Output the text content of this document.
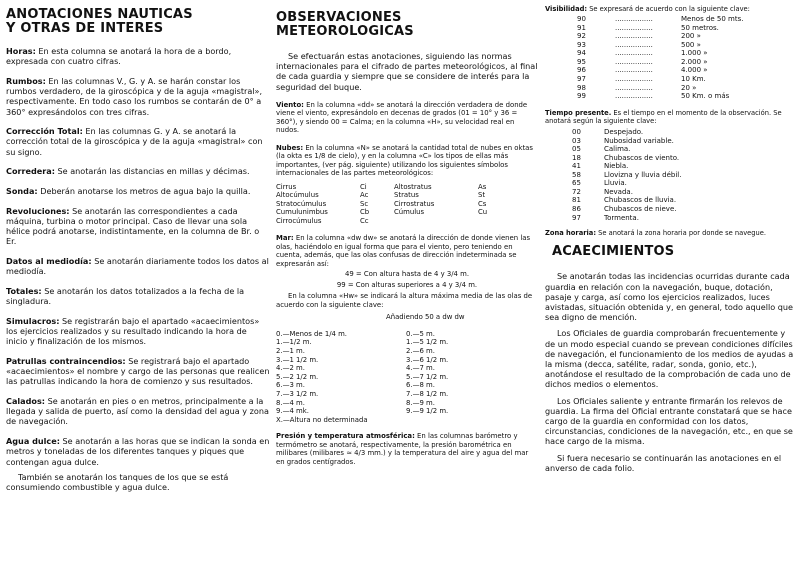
ANOTACIONES NAUTICAS
Y OTRAS DE INTERES

Horas: En esta columna se anotará la hora de a bordo, expresada con cuatro cifras.

Rumbos: En las columnas V., G. y A. se harán constar los rumbos verdadero, de la giroscópica y de la aguja «magistral», respectivamente. En todo caso los rumbos se contarán de 0° a 360° expresándolos con tres cifras.

Corrección Total: En las columnas G. y A. se anotará la corrección total de la giroscópica y de la aguja «magistral» con su signo.

Corredera: Se anotarán las distancias en millas y décimas.

Sonda: Deberán anotarse los metros de agua bajo la quilla.

Revoluciones: Se anotarán las correspondientes a cada máquina, turbina o motor principal. Caso de llevar una sola hélice podrá anotarse, indistintamente, en la columna de Br. o Er.

Datos al mediodía: Se anotarán diariamente todos los datos al mediodía.

Totales: Se anotarán los datos totalizados a la fecha de la singladura.

Simulacros: Se registrarán bajo el apartado «acaecimientos» los ejercicios realizados y su resultado indicando la hora de inicio y finalización de los mismos.

Patrullas contraincendios: Se registrará bajo el apartado «acaecimientos» el nombre y cargo de las personas que realicen las patrullas indicando la hora de comienzo y sus resultados.

Calados: Se anotarán en pies o en metros, principalmente a la llegada y salida de puerto, así como la densidad del agua y zona de navegación.

Agua dulce: Se anotarán a las horas que se indican la sonda en metros y toneladas de los diferentes tanques y piques que contengan agua dulce.

También se anotarán los tanques de los que se está consumiendo combustible y agua dulce.

OBSERVACIONES METEOROLOGICAS

Se efectuarán estas anotaciones, siguiendo las normas internacionales para el cifrado de partes meteorológicos, al final de cada guardia y siempre que se considere de interés para la seguridad del buque.

Viento: En la columna «dd» se anotará la dirección verdadera de donde viene el viento, expresándolo en decenas de grados (01 = 10° y 36 = 360°), y siendo 00 = Calma; en la columna «H», su velocidad real en nudos.

Nubes: En la columna «N» se anotará la cantidad total de nubes en oktas (la okta es 1/8 de cielo), y en la columna «C» los tipos de ellas más importantes, (ver pág. siguiente) utilizando los siguientes símbolos internacionales de las partes meteorológicos:

Cirrus	Ci	Altostratus	As
Altocúmulus	Ac	Stratus	St
Stratocúmulus	Sc	Cirrostratus	Cs
Cumulunimbus	Cb	Cúmulus	Cu
Cirrocúmulus	Cc

Mar: En la columna «dw dw» se anotará la dirección de donde vienen las olas, haciéndolo en igual forma que para el viento, pero teniendo en cuenta, además, que las olas confusas de dirección indeterminada se expresarán así:

49 = Con altura hasta de 4 y 3/4 m.
99 = Con alturas superiores a 4 y 3/4 m.

En la columna «Hw» se indicará la altura máxima media de las olas de acuerdo con la siguiente clave:

Añadiendo 50 a dw dw
0.—Menos de 1/4 m.	0.—5 m.
1.—1/2 m.	1.—5 1/2 m.
2.—1 m.	2.—6 m.
3.—1 1/2 m.	3.—6 1/2 m.
4.—2 m.	4.—7 m.
5.—2 1/2 m.	5.—7 1/2 m.
6.—3 m.	6.—8 m.
7.—3 1/2 m.	7.—8 1/2 m.
8.—4 m.	8.—9 m.
9.—4 mk.	9.—9 1/2 m.
X.—Altura no determinada

Presión y temperatura atmosférica: En las columnas barómetro y termómetro se anotará, respectivamente, la presión barométrica en milibares (milibares ≈ 4/3 mm.) y la temperatura del aire y agua del mar en grados centígrados.

Visibilidad: Se expresará de acuerdo con la siguiente clave:

90	.................	Menos de 50 mts.
91	.................	50 metros.
92	.................	200 »
93	.................	500 »
94	.................	1.000 »
95	.................	2.000 »
96	.................	4.000 »
97	.................	10 Km.
98	.................	20 »
99	.................	50 Km. o más

Tiempo presente. Es el tiempo en el momento de la observación. Se anotará según la siguiente clave:

00	Despejado.
03	Nubosidad variable.
05	Calima.
18	Chubascos de viento.
41	Niebla.
58	Llovizna y lluvia débil.
65	Lluvia.
72	Nevada.
81	Chubascos de lluvia.
86	Chubascos de nieve.
97	Tormenta.

Zona horaria: Se anotará la zona horaria por donde se navegue.

ACAECIMIENTOS

Se anotarán todas las incidencias ocurridas durante cada guardia en relación con la navegación, buque, dotación, pasaje y carga, así como los ejercicios realizados, luces avistadas, situación obtenida y, en general, todo aquello que sea digno de mención.

Los Oficiales de guardia comprobarán frecuentemente y de un modo especial cuando se prevean condiciones difíciles de navegación, el funcionamiento de los medios de ayudas a la misma (decca, satélite, radar, sonda, gonio, etc.), anotándose el resultado de la comprobación de cada uno de dichos medios o elementos.

Los Oficiales saliente y entrante firmarán los relevos de guardia. La firma del Oficial entrante constatará que se hace cargo de la guardia en conformidad con los datos, circunstancias, condiciones de la navegación, etc., en que se hace cargo de la misma.

Si fuera necesario se continuarán las anotaciones en el anverso de cada folio.
